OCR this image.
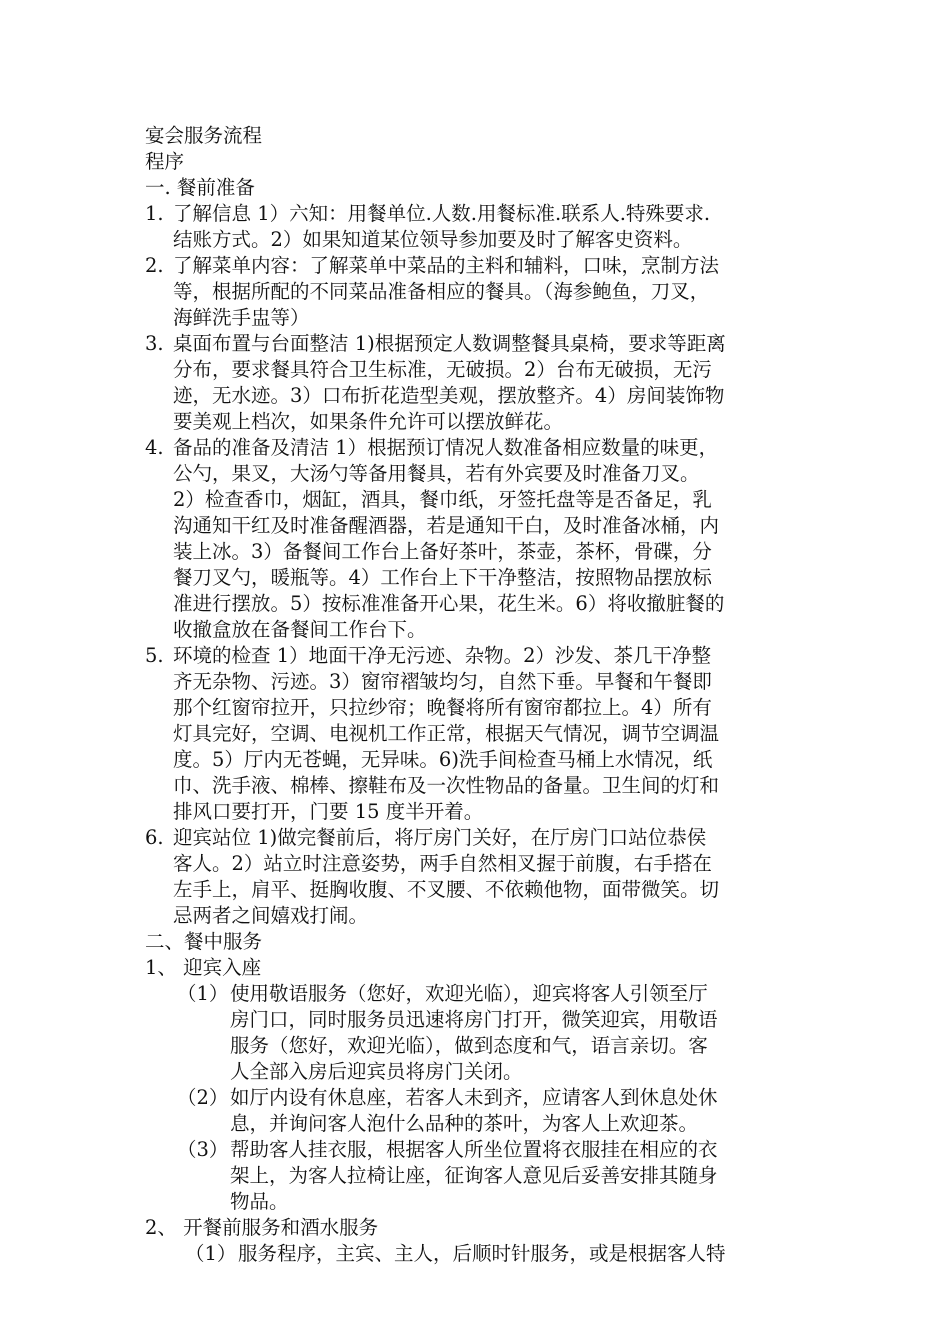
宴会服务流程
程序
一. 餐前准备
1. 了解信息 1）六知：用餐单位.人数.用餐标准.联系人.特殊要求.
结账方式。2）如果知道某位领导参加要及时了解客史资料。
2. 了解菜单内容：了解菜单中菜品的主料和辅料，口味，烹制方法
等，根据所配的不同菜品准备相应的餐具。（海参鲍鱼，刀叉，
海鲜洗手盅等）
3. 桌面布置与台面整洁 1)根据预定人数调整餐具桌椅，要求等距离
分布，要求餐具符合卫生标准，无破损。2）台布无破损，无污
迹，无水迹。3）口布折花造型美观，摆放整齐。4）房间装饰物
要美观上档次，如果条件允许可以摆放鲜花。
4. 备品的准备及清洁 1）根据预订情况人数准备相应数量的味更，
公勺，果叉，大汤勺等备用餐具，若有外宾要及时准备刀叉。
2）检查香巾，烟缸，酒具，餐巾纸，牙签托盘等是否备足，乳
沟通知干红及时准备醒酒器，若是通知干白，及时准备冰桶，内
装上冰。3）备餐间工作台上备好茶叶，茶壶，茶杯，骨碟，分
餐刀叉勺，暖瓶等。4）工作台上下干净整洁，按照物品摆放标
准进行摆放。5）按标准准备开心果，花生米。6）将收撤脏餐的
收撤盒放在备餐间工作台下。
5. 环境的检查 1）地面干净无污迹、杂物。2）沙发、茶几干净整
齐无杂物、污迹。3）窗帘褶皱均匀，自然下垂。早餐和午餐即
那个红窗帘拉开，只拉纱帘；晚餐将所有窗帘都拉上。4）所有
灯具完好，空调、电视机工作正常，根据天气情况，调节空调温
度。5）厅内无苍蝇，无异味。6)洗手间检查马桶上水情况，纸
巾、洗手液、棉棒、擦鞋布及一次性物品的备量。卫生间的灯和
排风口要打开，门要 15 度半开着。
6. 迎宾站位 1)做完餐前后，将厅房门关好，在厅房门口站位恭侯
客人。2）站立时注意姿势，两手自然相叉握于前腹，右手搭在
左手上，肩平、挺胸收腹、不叉腰、不依赖他物，面带微笑。切
忌两者之间嬉戏打闹。
二、餐中服务
1、 迎宾入座
（1） 使用敬语服务（您好，欢迎光临），迎宾将客人引领至厅
房门口，同时服务员迅速将房门打开，微笑迎宾，用敬语
服务（您好，欢迎光临），做到态度和气，语言亲切。客
人全部入房后迎宾员将房门关闭。
（2） 如厅内设有休息座，若客人未到齐，应请客人到休息处休
息，并询问客人泡什么品种的茶叶，为客人上欢迎茶。
（3） 帮助客人挂衣服，根据客人所坐位置将衣服挂在相应的衣
架上，为客人拉椅让座，征询客人意见后妥善安排其随身
物品。
2、 开餐前服务和酒水服务
（1） 服务程序，主宾、主人，后顺时针服务，或是根据客人特
